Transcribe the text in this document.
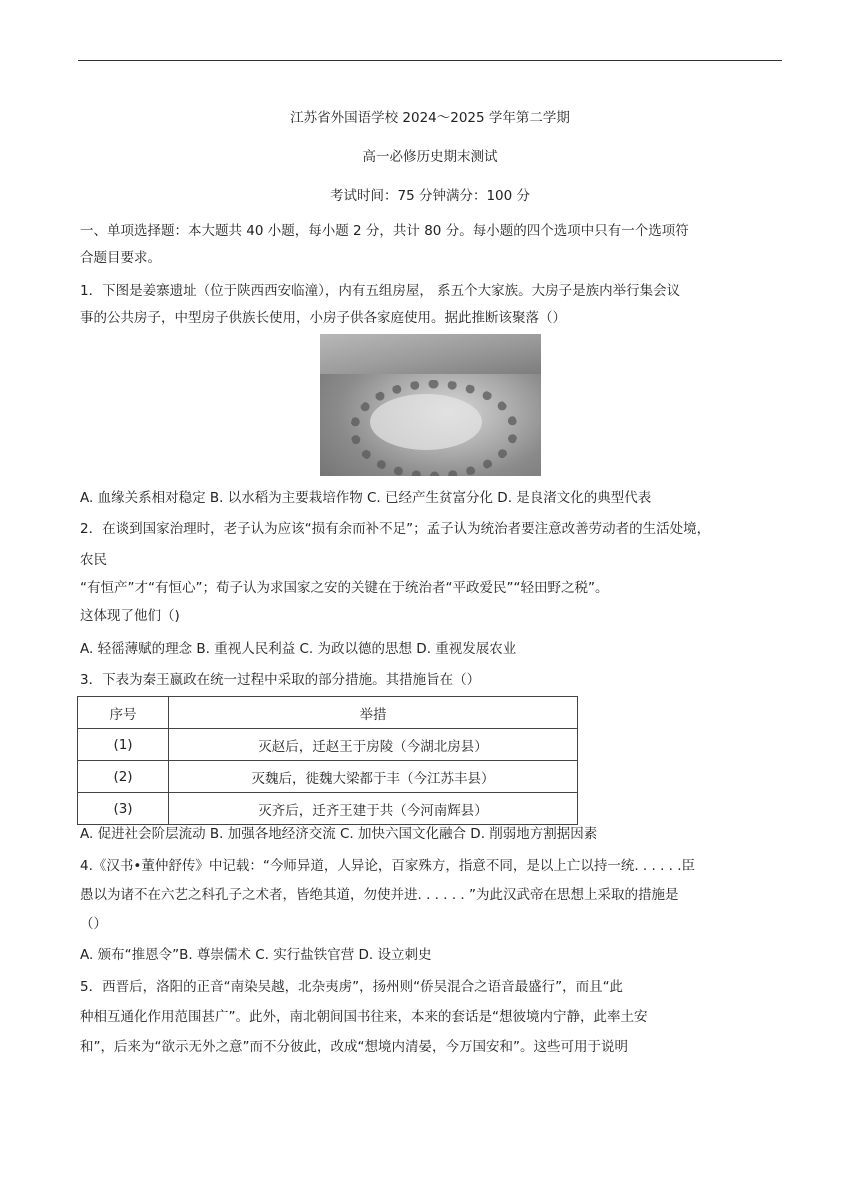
江苏省外国语学校 2024～2025 学年第二学期
高一必修历史期末测试
考试时间：75 分钟满分：100 分
一、单项选择题：本大题共 40 小题，每小题 2 分，共计 80 分。每小题的四个选项中只有一个选项符
合题目要求。
1．下图是姜寨遗址（位于陕西西安临潼），内有五组房屋， 系五个大家族。大房子是族内举行集会议
事的公共房子，中型房子供族长使用，小房子供各家庭使用。据此推断该聚落（）
A. 血缘关系相对稳定 B. 以水稻为主要栽培作物 C. 已经产生贫富分化 D. 是良渚文化的典型代表
2．在谈到国家治理时，老子认为应该“损有余而补不足”；孟子认为统治者要注意改善劳动者的生活处境，
农民
“有恒产”才“有恒心”；荀子认为求国家之安的关键在于统治者“平政爱民”“轻田野之税”。
这体现了他们（)
A. 轻徭薄赋的理念 B. 重视人民利益 C. 为政以德的思想 D. 重视发展农业
3．下表为秦王嬴政在统一过程中采取的部分措施。其措施旨在（）
序号	举措
(1)	灭赵后，迁赵王于房陵（今湖北房县）
(2)	灭魏后，徙魏大梁都于丰（今江苏丰县）
(3)	灭齐后，迁齐王建于共（今河南辉县）
A. 促进社会阶层流动 B. 加强各地经济交流 C. 加快六国文化融合 D. 削弱地方割据因素
4.《汉书•董仲舒传》中记载：“今师异道，人异论，百家殊方，指意不同，是以上亡以持一统. . . . . .臣
愚以为诸不在六艺之科孔子之术者，皆绝其道，勿使并进. . . . . . ”为此汉武帝在思想上采取的措施是
（）
A. 颁布“推恩令”B. 尊崇儒术 C. 实行盐铁官营 D. 设立刺史
5．西晋后，洛阳的正音“南染吴越，北杂夷虏”，扬州则“侨吴混合之语音最盛行”，而且“此
种相互通化作用范围甚广”。此外，南北朝间国书往来，本来的套话是“想彼境内宁静，此率土安
和”，后来为“欲示无外之意”而不分彼此，改成“想境内清晏，今万国安和”。这些可用于说明
